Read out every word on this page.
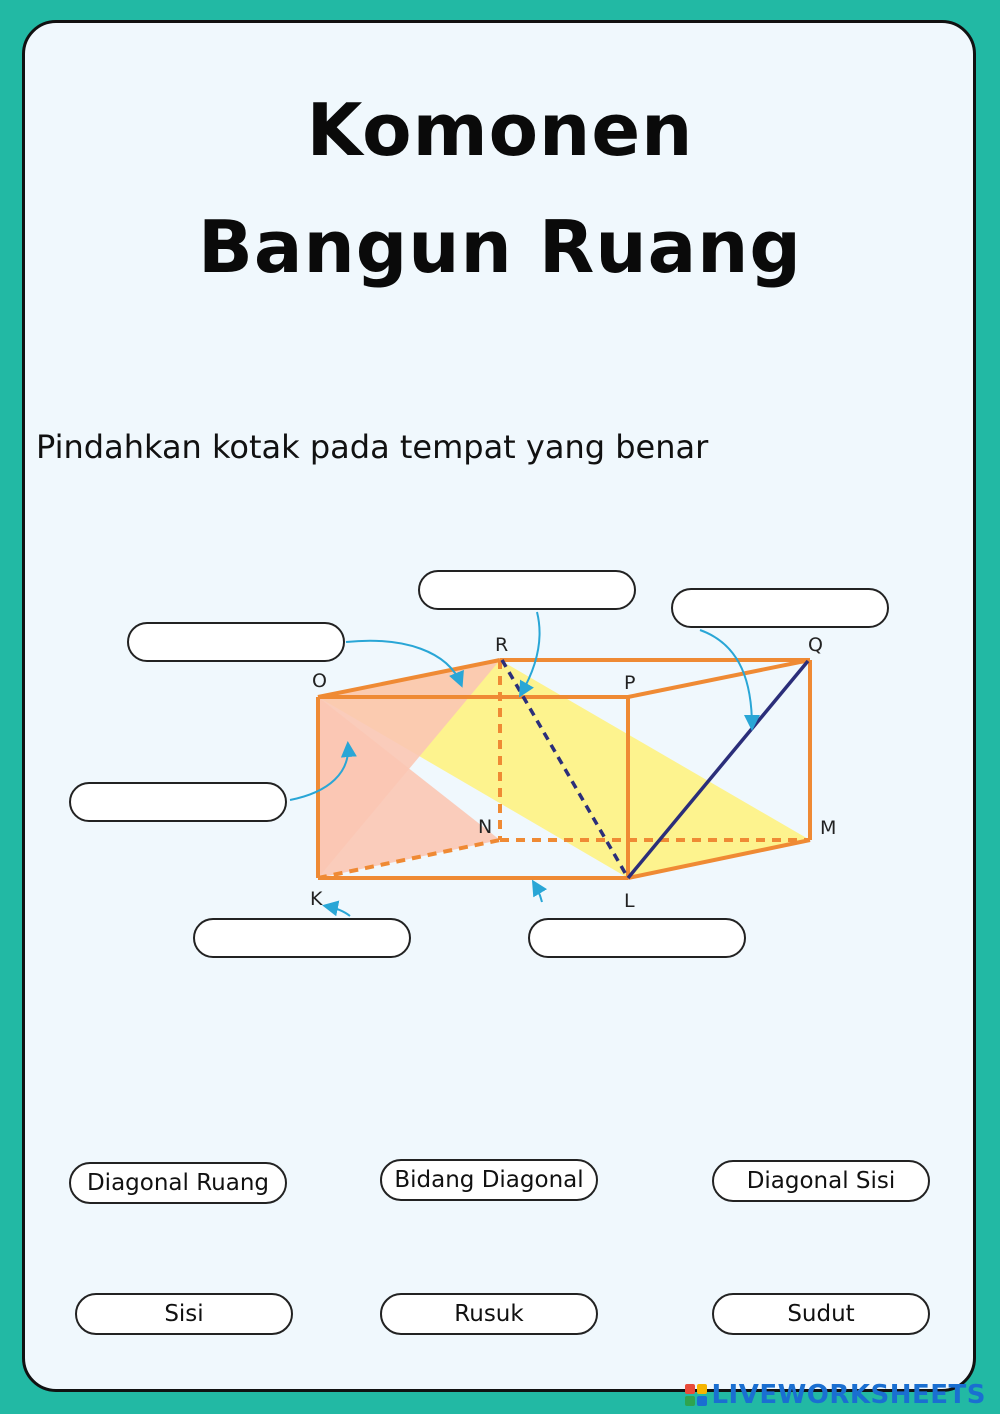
Komonen
Bangun Ruang
Pindahkan kotak pada tempat yang benar
R	Q
O	P
N	M
K	L
Diagonal Ruang	Bidang Diagonal	Diagonal Sisi
Sisi	Rusuk	Sudut
LIVEWORKSHEETS
